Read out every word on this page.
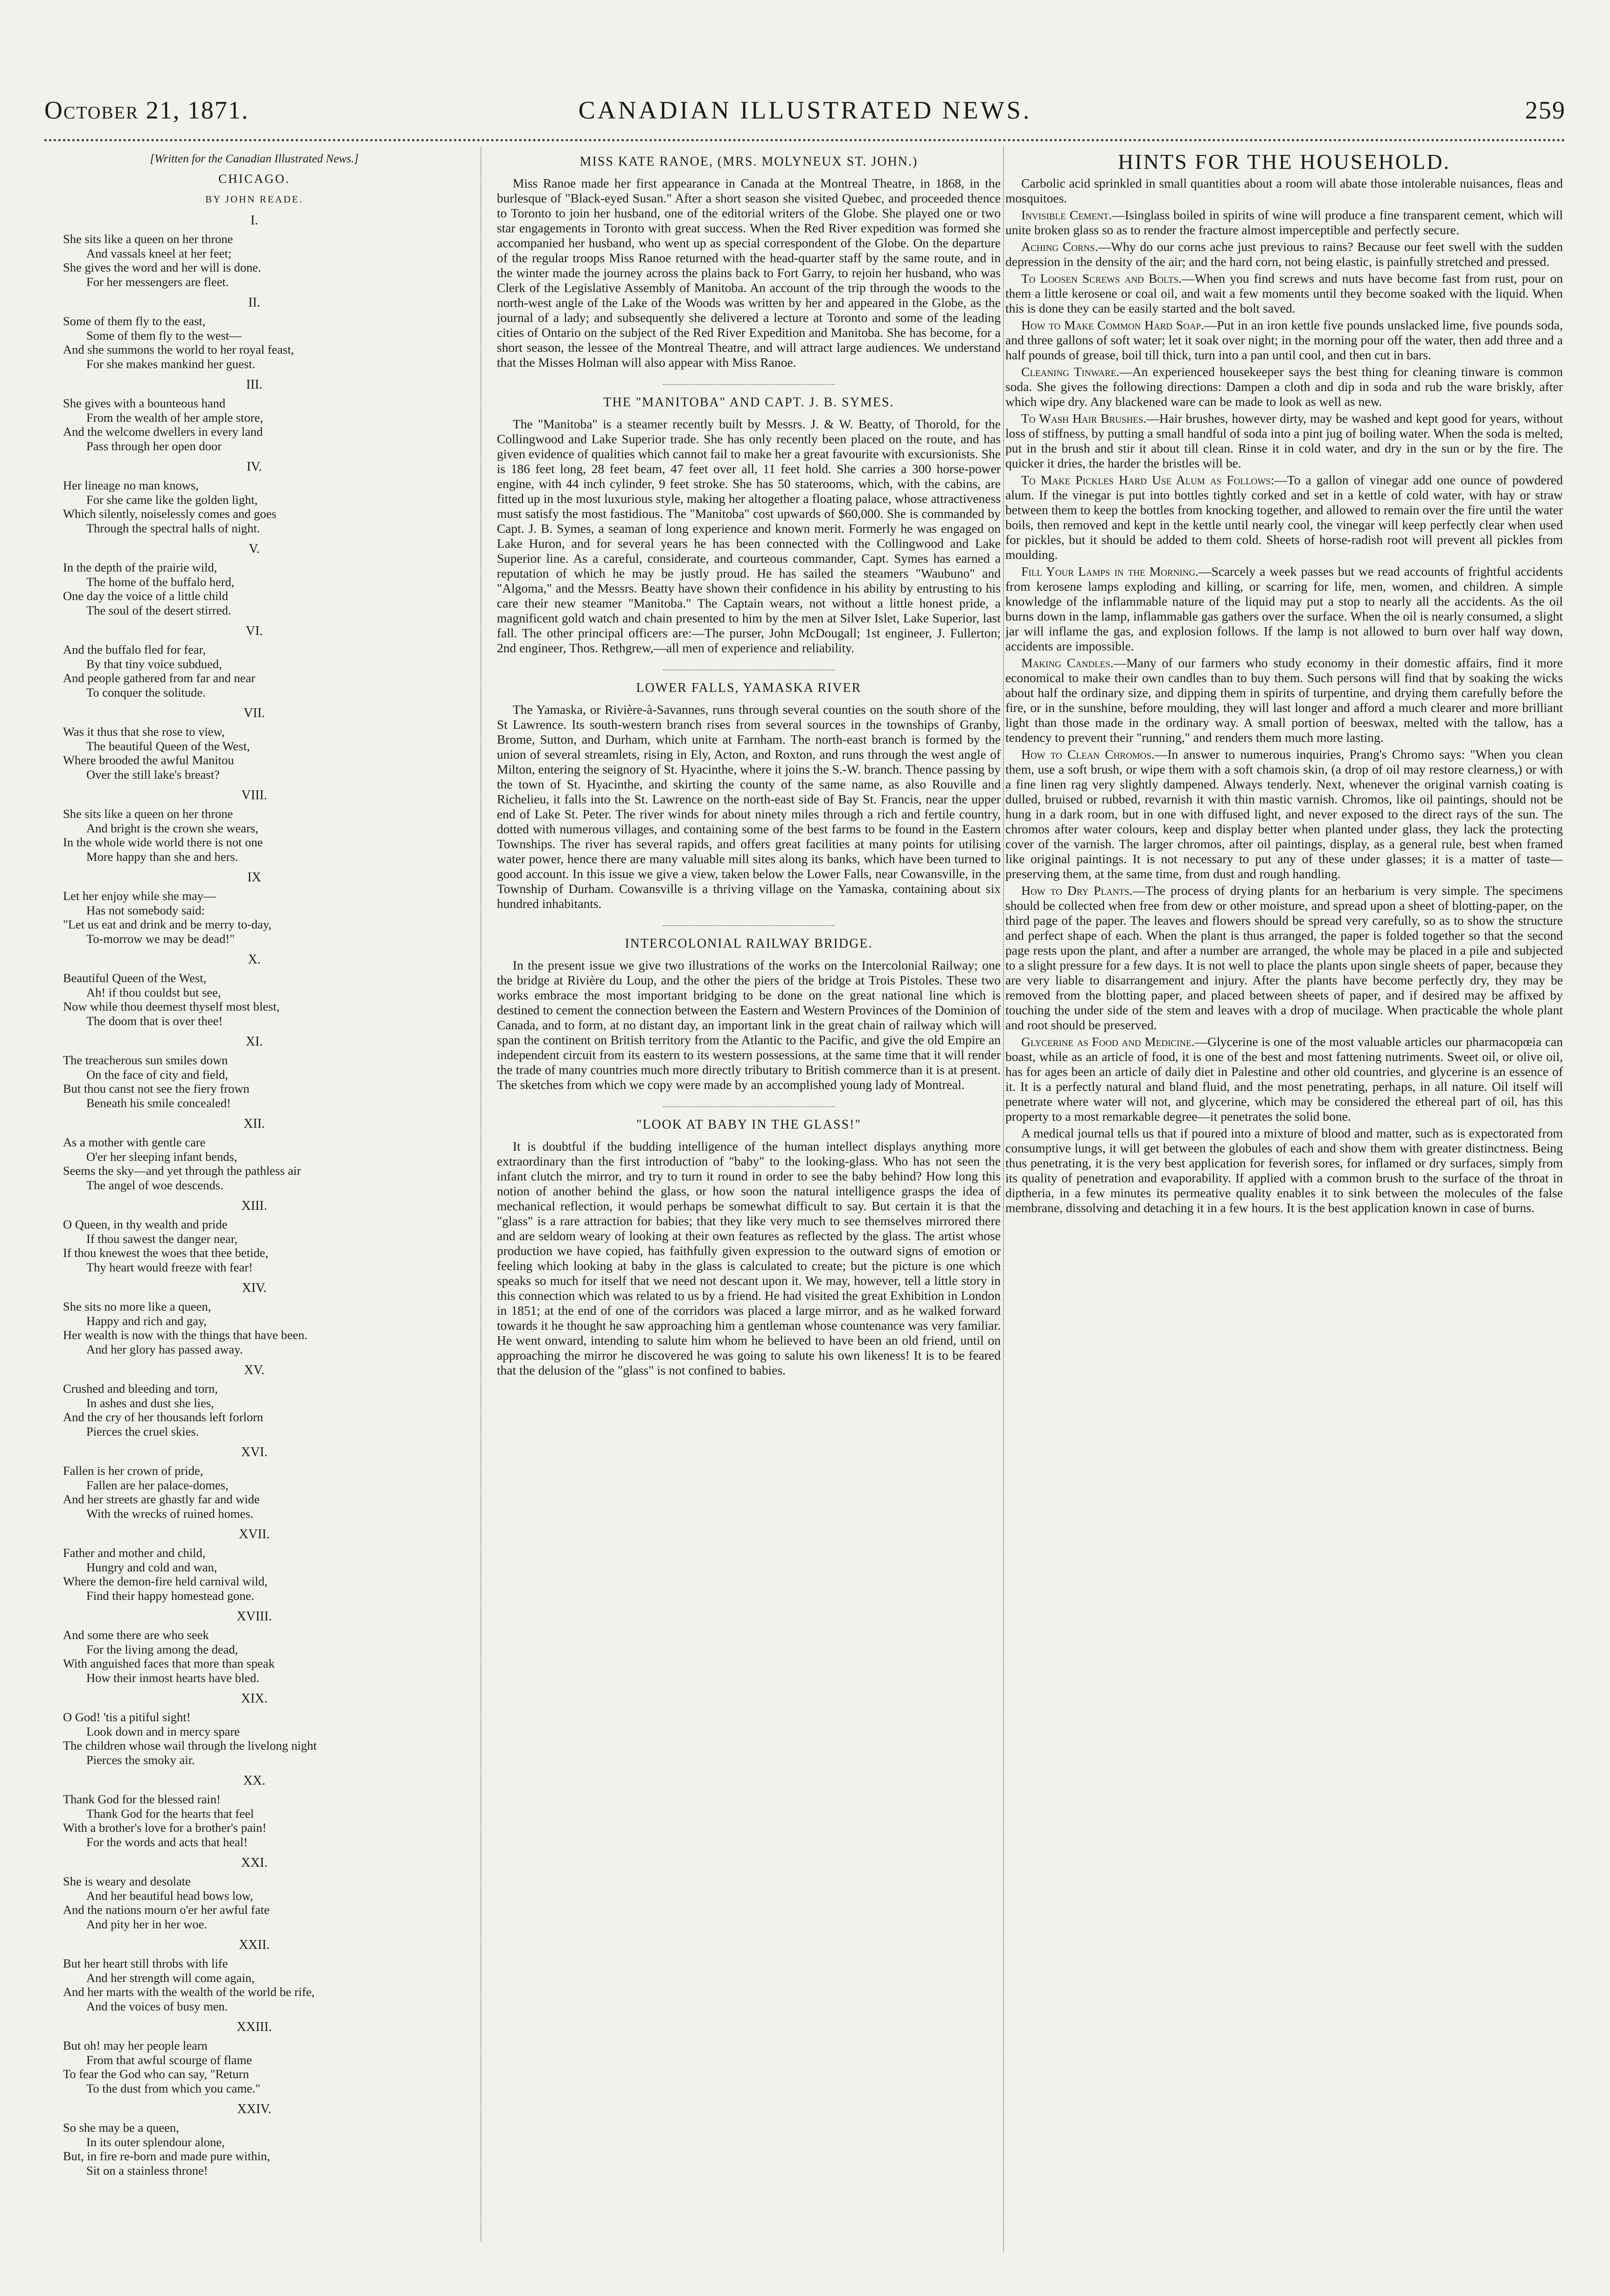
October 21, 1871.	CANADIAN ILLUSTRATED NEWS.	259
[Written for the Canadian Illustrated News.]
CHICAGO.
BY JOHN READE.
I.
She sits like a queen on her throne
And vassals kneel at her feet;
She gives the word and her will is done.
For her messengers are fleet.
II.
Some of them fly to the east,
Some of them fly to the west—
And she summons the world to her royal feast,
For she makes mankind her guest.
III.
She gives with a bounteous hand
From the wealth of her ample store,
And the welcome dwellers in every land
Pass through her open door
IV.
Her lineage no man knows,
For she came like the golden light,
Which silently, noiselessly comes and goes
Through the spectral halls of night.
V.
In the depth of the prairie wild,
The home of the buffalo herd,
One day the voice of a little child
The soul of the desert stirred.
VI.
And the buffalo fled for fear,
By that tiny voice subdued,
And people gathered from far and near
To conquer the solitude.
VII.
Was it thus that she rose to view,
The beautiful Queen of the West,
Where brooded the awful Manitou
Over the still lake's breast?
VIII.
She sits like a queen on her throne
And bright is the crown she wears,
In the whole wide world there is not one
More happy than she and hers.
IX
Let her enjoy while she may—
Has not somebody said:
"Let us eat and drink and be merry to-day,
To-morrow we may be dead!"
X.
Beautiful Queen of the West,
Ah! if thou couldst but see,
Now while thou deemest thyself most blest,
The doom that is over thee!
XI.
The treacherous sun smiles down
On the face of city and field,
But thou canst not see the fiery frown
Beneath his smile concealed!
XII.
As a mother with gentle care
O'er her sleeping infant bends,
Seems the sky—and yet through the pathless air
The angel of woe descends.
XIII.
O Queen, in thy wealth and pride
If thou sawest the danger near,
If thou knewest the woes that thee betide,
Thy heart would freeze with fear!
XIV.
She sits no more like a queen,
Happy and rich and gay,
Her wealth is now with the things that have been.
And her glory has passed away.
XV.
Crushed and bleeding and torn,
In ashes and dust she lies,
And the cry of her thousands left forlorn
Pierces the cruel skies.
XVI.
Fallen is her crown of pride,
Fallen are her palace-domes,
And her streets are ghastly far and wide
With the wrecks of ruined homes.
XVII.
Father and mother and child,
Hungry and cold and wan,
Where the demon-fire held carnival wild,
Find their happy homestead gone.
XVIII.
And some there are who seek
For the living among the dead,
With anguished faces that more than speak
How their inmost hearts have bled.
XIX.
O God! 'tis a pitiful sight!
Look down and in mercy spare
The children whose wail through the livelong night
Pierces the smoky air.
XX.
Thank God for the blessed rain!
Thank God for the hearts that feel
With a brother's love for a brother's pain!
For the words and acts that heal!
XXI.
She is weary and desolate
And her beautiful head bows low,
And the nations mourn o'er her awful fate
And pity her in her woe.
XXII.
But her heart still throbs with life
And her strength will come again,
And her marts with the wealth of the world be rife,
And the voices of busy men.
XXIII.
But oh! may her people learn
From that awful scourge of flame
To fear the God who can say, "Return
To the dust from which you came."
XXIV.
So she may be a queen,
In its outer splendour alone,
But, in fire re-born and made pure within,
Sit on a stainless throne!
MISS KATE RANOE, (MRS. MOLYNEUX ST. JOHN.)

Miss Ranoe made her first appearance in Canada at the Montreal Theatre, in 1868, in the burlesque of "Black-eyed Susan." After a short season she visited Quebec, and proceeded thence to Toronto to join her husband, one of the editorial writers of the Globe. She played one or two star engagements in Toronto with great success. When the Red River expedition was formed she accompanied her husband, who went up as special correspondent of the Globe. On the departure of the regular troops Miss Ranoe returned with the head-quarter staff by the same route, and in the winter made the journey across the plains back to Fort Garry, to rejoin her husband, who was Clerk of the Legislative Assembly of Manitoba. An account of the trip through the woods to the north-west angle of the Lake of the Woods was written by her and appeared in the Globe, as the journal of a lady; and subsequently she delivered a lecture at Toronto and some of the leading cities of Ontario on the subject of the Red River Expedition and Manitoba. She has become, for a short season, the lessee of the Montreal Theatre, and will attract large audiences. We understand that the Misses Holman will also appear with Miss Ranoe.

THE "MANITOBA" AND CAPT. J. B. SYMES.

The "Manitoba" is a steamer recently built by Messrs. J. & W. Beatty, of Thorold, for the Collingwood and Lake Superior trade. She has only recently been placed on the route, and has given evidence of qualities which cannot fail to make her a great favourite with excursionists. She is 186 feet long, 28 feet beam, 47 feet over all, 11 feet hold. She carries a 300 horse-power engine, with 44 inch cylinder, 9 feet stroke. She has 50 staterooms, which, with the cabins, are fitted up in the most luxurious style, making her altogether a floating palace, whose attractiveness must satisfy the most fastidious. The "Manitoba" cost upwards of $60,000. She is commanded by Capt. J. B. Symes, a seaman of long experience and known merit. Formerly he was engaged on Lake Huron, and for several years he has been connected with the Collingwood and Lake Superior line. As a careful, considerate, and courteous commander, Capt. Symes has earned a reputation of which he may be justly proud. He has sailed the steamers "Waubuno" and "Algoma," and the Messrs. Beatty have shown their confidence in his ability by entrusting to his care their new steamer "Manitoba." The Captain wears, not without a little honest pride, a magnificent gold watch and chain presented to him by the men at Silver Islet, Lake Superior, last fall. The other principal officers are:—The purser, John McDougall; 1st engineer, J. Fullerton; 2nd engineer, Thos. Rethgrew,—all men of experience and reliability.

LOWER FALLS, YAMASKA RIVER

The Yamaska, or Rivière-à-Savannes, runs through several counties on the south shore of the St Lawrence. Its south-western branch rises from several sources in the townships of Granby, Brome, Sutton, and Durham, which unite at Farnham. The north-east branch is formed by the union of several streamlets, rising in Ely, Acton, and Roxton, and runs through the west angle of Milton, entering the seignory of St. Hyacinthe, where it joins the S.-W. branch. Thence passing by the town of St. Hyacinthe, and skirting the county of the same name, as also Rouville and Richelieu, it falls into the St. Lawrence on the north-east side of Bay St. Francis, near the upper end of Lake St. Peter. The river winds for about ninety miles through a rich and fertile country, dotted with numerous villages, and containing some of the best farms to be found in the Eastern Townships. The river has several rapids, and offers great facilities at many points for utilising water power, hence there are many valuable mill sites along its banks, which have been turned to good account. In this issue we give a view, taken below the Lower Falls, near Cowansville, in the Township of Durham. Cowansville is a thriving village on the Yamaska, containing about six hundred inhabitants.

INTERCOLONIAL RAILWAY BRIDGE.

In the present issue we give two illustrations of the works on the Intercolonial Railway; one the bridge at Rivière du Loup, and the other the piers of the bridge at Trois Pistoles. These two works embrace the most important bridging to be done on the great national line which is destined to cement the connection between the Eastern and Western Provinces of the Dominion of Canada, and to form, at no distant day, an important link in the great chain of railway which will span the continent on British territory from the Atlantic to the Pacific, and give the old Empire an independent circuit from its eastern to its western possessions, at the same time that it will render the trade of many countries much more directly tributary to British commerce than it is at present. The sketches from which we copy were made by an accomplished young lady of Montreal.

"LOOK AT BABY IN THE GLASS!"

It is doubtful if the budding intelligence of the human intellect displays anything more extraordinary than the first introduction of "baby" to the looking-glass. Who has not seen the infant clutch the mirror, and try to turn it round in order to see the baby behind? How long this notion of another behind the glass, or how soon the natural intelligence grasps the idea of mechanical reflection, it would perhaps be somewhat difficult to say. But certain it is that the "glass" is a rare attraction for babies; that they like very much to see themselves mirrored there and are seldom weary of looking at their own features as reflected by the glass. The artist whose production we have copied, has faithfully given expression to the outward signs of emotion or feeling which looking at baby in the glass is calculated to create; but the picture is one which speaks so much for itself that we need not descant upon it. We may, however, tell a little story in this connection which was related to us by a friend. He had visited the great Exhibition in London in 1851; at the end of one of the corridors was placed a large mirror, and as he walked forward towards it he thought he saw approaching him a gentleman whose countenance was very familiar. He went onward, intending to salute him whom he believed to have been an old friend, until on approaching the mirror he discovered he was going to salute his own likeness! It is to be feared that the delusion of the "glass" is not confined to babies.

HINTS FOR THE HOUSEHOLD.

Carbolic acid sprinkled in small quantities about a room will abate those intolerable nuisances, fleas and mosquitoes.

Invisible Cement.—Isinglass boiled in spirits of wine will produce a fine transparent cement, which will unite broken glass so as to render the fracture almost imperceptible and perfectly secure.

Aching Corns.—Why do our corns ache just previous to rains? Because our feet swell with the sudden depression in the density of the air; and the hard corn, not being elastic, is painfully stretched and pressed.

To Loosen Screws and Bolts.—When you find screws and nuts have become fast from rust, pour on them a little kerosene or coal oil, and wait a few moments until they become soaked with the liquid. When this is done they can be easily started and the bolt saved.

How to Make Common Hard Soap.—Put in an iron kettle five pounds unslacked lime, five pounds soda, and three gallons of soft water; let it soak over night; in the morning pour off the water, then add three and a half pounds of grease, boil till thick, turn into a pan until cool, and then cut in bars.

Cleaning Tinware.—An experienced housekeeper says the best thing for cleaning tinware is common soda. She gives the following directions: Dampen a cloth and dip in soda and rub the ware briskly, after which wipe dry. Any blackened ware can be made to look as well as new.

To Wash Hair Brushes.—Hair brushes, however dirty, may be washed and kept good for years, without loss of stiffness, by putting a small handful of soda into a pint jug of boiling water. When the soda is melted, put in the brush and stir it about till clean. Rinse it in cold water, and dry in the sun or by the fire. The quicker it dries, the harder the bristles will be.

To Make Pickles Hard Use Alum as Follows:—To a gallon of vinegar add one ounce of powdered alum. If the vinegar is put into bottles tightly corked and set in a kettle of cold water, with hay or straw between them to keep the bottles from knocking together, and allowed to remain over the fire until the water boils, then removed and kept in the kettle until nearly cool, the vinegar will keep perfectly clear when used for pickles, but it should be added to them cold. Sheets of horse-radish root will prevent all pickles from moulding.

Fill Your Lamps in the Morning.—Scarcely a week passes but we read accounts of frightful accidents from kerosene lamps exploding and killing, or scarring for life, men, women, and children. A simple knowledge of the inflammable nature of the liquid may put a stop to nearly all the accidents. As the oil burns down in the lamp, inflammable gas gathers over the surface. When the oil is nearly consumed, a slight jar will inflame the gas, and explosion follows. If the lamp is not allowed to burn over half way down, accidents are impossible.

Making Candles.—Many of our farmers who study economy in their domestic affairs, find it more economical to make their own candles than to buy them. Such persons will find that by soaking the wicks about half the ordinary size, and dipping them in spirits of turpentine, and drying them carefully before the fire, or in the sunshine, before moulding, they will last longer and afford a much clearer and more brilliant light than those made in the ordinary way. A small portion of beeswax, melted with the tallow, has a tendency to prevent their "running," and renders them much more lasting.

How to Clean Chromos.—In answer to numerous inquiries, Prang's Chromo says: "When you clean them, use a soft brush, or wipe them with a soft chamois skin, (a drop of oil may restore clearness,) or with a fine linen rag very slightly dampened. Always tenderly. Next, whenever the original varnish coating is dulled, bruised or rubbed, revarnish it with thin mastic varnish. Chromos, like oil paintings, should not be hung in a dark room, but in one with diffused light, and never exposed to the direct rays of the sun. The chromos after water colours, keep and display better when planted under glass, they lack the protecting cover of the varnish. The larger chromos, after oil paintings, display, as a general rule, best when framed like original paintings. It is not necessary to put any of these under glasses; it is a matter of taste—preserving them, at the same time, from dust and rough handling.

How to Dry Plants.—The process of drying plants for an herbarium is very simple. The specimens should be collected when free from dew or other moisture, and spread upon a sheet of blotting-paper, on the third page of the paper. The leaves and flowers should be spread very carefully, so as to show the structure and perfect shape of each. When the plant is thus arranged, the paper is folded together so that the second page rests upon the plant, and after a number are arranged, the whole may be placed in a pile and subjected to a slight pressure for a few days. It is not well to place the plants upon single sheets of paper, because they are very liable to disarrangement and injury. After the plants have become perfectly dry, they may be removed from the blotting paper, and placed between sheets of paper, and if desired may be affixed by touching the under side of the stem and leaves with a drop of mucilage. When practicable the whole plant and root should be preserved.

Glycerine as Food and Medicine.—Glycerine is one of the most valuable articles our pharmacopœia can boast, while as an article of food, it is one of the best and most fattening nutriments. Sweet oil, or olive oil, has for ages been an article of daily diet in Palestine and other old countries, and glycerine is an essence of it. It is a perfectly natural and bland fluid, and the most penetrating, perhaps, in all nature. Oil itself will penetrate where water will not, and glycerine, which may be considered the ethereal part of oil, has this property to a most remarkable degree—it penetrates the solid bone.

A medical journal tells us that if poured into a mixture of blood and matter, such as is expectorated from consumptive lungs, it will get between the globules of each and show them with greater distinctness. Being thus penetrating, it is the very best application for feverish sores, for inflamed or dry surfaces, simply from its quality of penetration and evaporability. If applied with a common brush to the surface of the throat in diptheria, in a few minutes its permeative quality enables it to sink between the molecules of the false membrane, dissolving and detaching it in a few hours. It is the best application known in case of burns.
